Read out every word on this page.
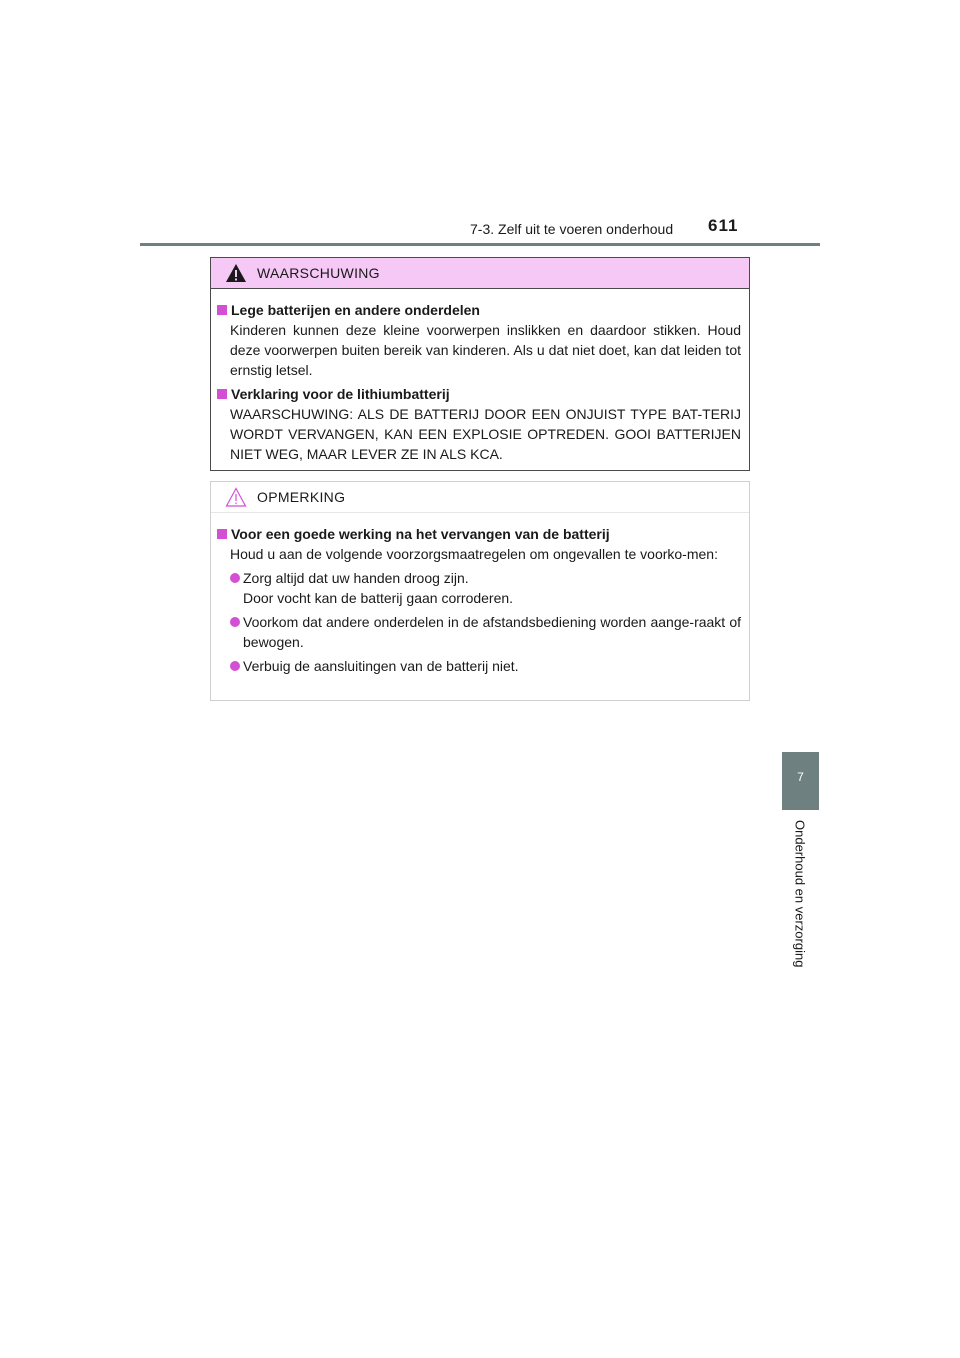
7-3. Zelf uit te voeren onderhoud 611
7
Onderhoud en verzorging
WAARSCHUWING
Lege batterijen en andere onderdelen
Kinderen kunnen deze kleine voorwerpen inslikken en daardoor stikken. Houd deze voorwerpen buiten bereik van kinderen. Als u dat niet doet, kan dat leiden tot ernstig letsel.
Verklaring voor de lithiumbatterij
WAARSCHUWING: ALS DE BATTERIJ DOOR EEN ONJUIST TYPE BAT-TERIJ WORDT VERVANGEN, KAN EEN EXPLOSIE OPTREDEN. GOOI BATTERIJEN NIET WEG, MAAR LEVER ZE IN ALS KCA.
OPMERKING
Voor een goede werking na het vervangen van de batterij
Houd u aan de volgende voorzorgsmaatregelen om ongevallen te voorko-men:
Zorg altijd dat uw handen droog zijn.
Door vocht kan de batterij gaan corroderen.
Voorkom dat andere onderdelen in de afstandsbediening worden aange-raakt of bewogen.
Verbuig de aansluitingen van de batterij niet.
